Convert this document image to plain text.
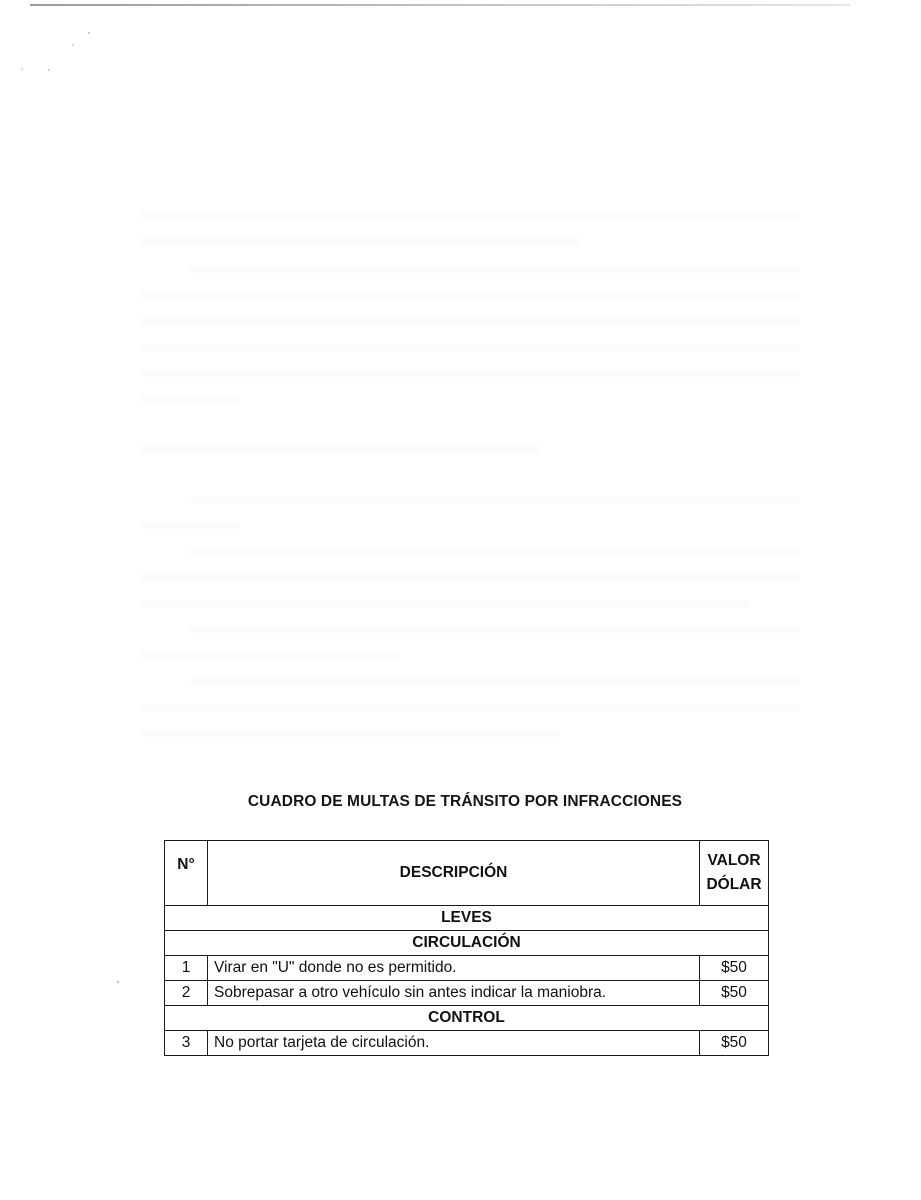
CUADRO DE MULTAS DE TRÁNSITO POR INFRACCIONES
N°	DESCRIPCIÓN	VALOR
DÓLAR
LEVES		
CIRCULACIÓN		
1	Virar en "U" donde no es permitido.	$50
2	Sobrepasar a otro vehículo sin antes indicar la maniobra.	$50
CONTROL		
3	No portar tarjeta de circulación.	$50
